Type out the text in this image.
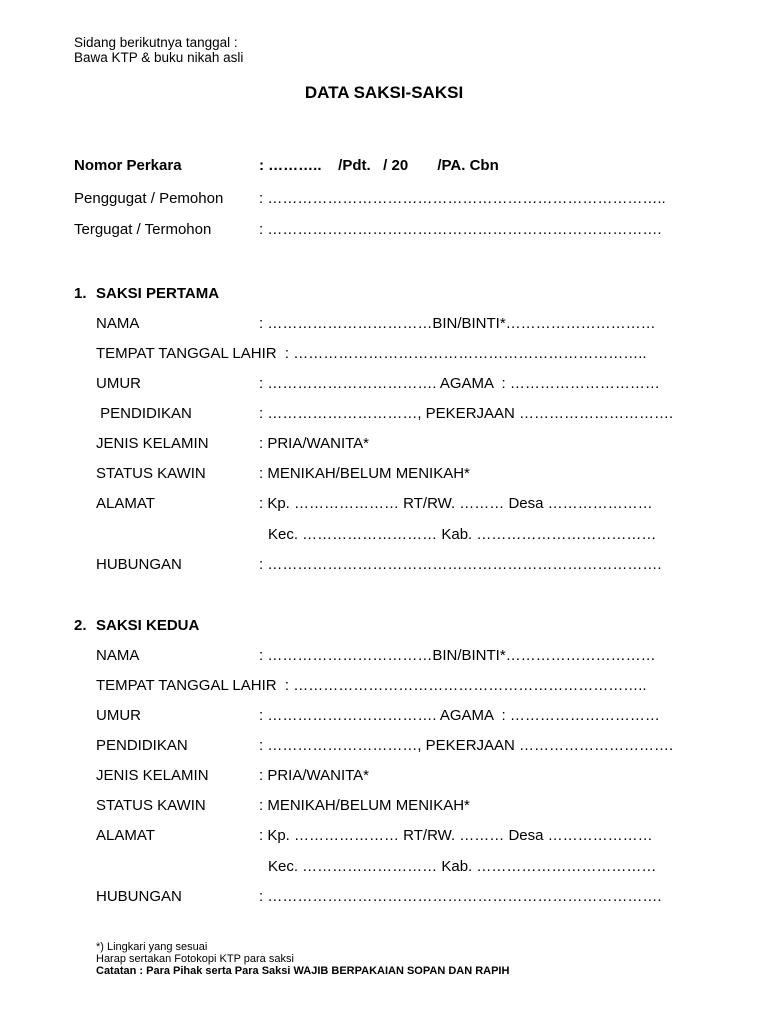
Sidang berikutnya tanggal :
Bawa KTP & buku nikah asli
DATA SAKSI-SAKSI
Nomor Perkara	: ………..    /Pdt.   / 20       /PA. Cbn
Penggugat / Pemohon : ……………………………………………………………………..
Tergugat / Termohon	: …………………………………………………………………….
1. SAKSI PERTAMA
NAMA	: ……………………………BIN/BINTI*…………………………
TEMPAT TANGGAL LAHIR  : ……………………………………………………………..
UMUR	: ……………………………. AGAMA  : …………………………
PENDIDIKAN	: …………………………, PEKERJAAN ………………………….
JENIS KELAMIN	: PRIA/WANITA*
STATUS KAWIN	: MENIKAH/BELUM MENIKAH*
ALAMAT	: Kp. ………………… RT/RW. ……… Desa …………………
Kec. ……………………… Kab. ………………………………
HUBUNGAN	: …………………………………………………………………….
2. SAKSI KEDUA
NAMA	: ……………………………BIN/BINTI*…………………………
TEMPAT TANGGAL LAHIR  : ……………………………………………………………..
UMUR	: ……………………………. AGAMA  : …………………………
PENDIDIKAN	: …………………………, PEKERJAAN ………………………….
JENIS KELAMIN	: PRIA/WANITA*
STATUS KAWIN	: MENIKAH/BELUM MENIKAH*
ALAMAT	: Kp. ………………… RT/RW. ……… Desa …………………
Kec. ……………………… Kab. ………………………………
HUBUNGAN	: …………………………………………………………………….
*) Lingkari yang sesuai
Harap sertakan Fotokopi KTP para saksi
Catatan : Para Pihak serta Para Saksi WAJIB BERPAKAIAN SOPAN DAN RAPIH
